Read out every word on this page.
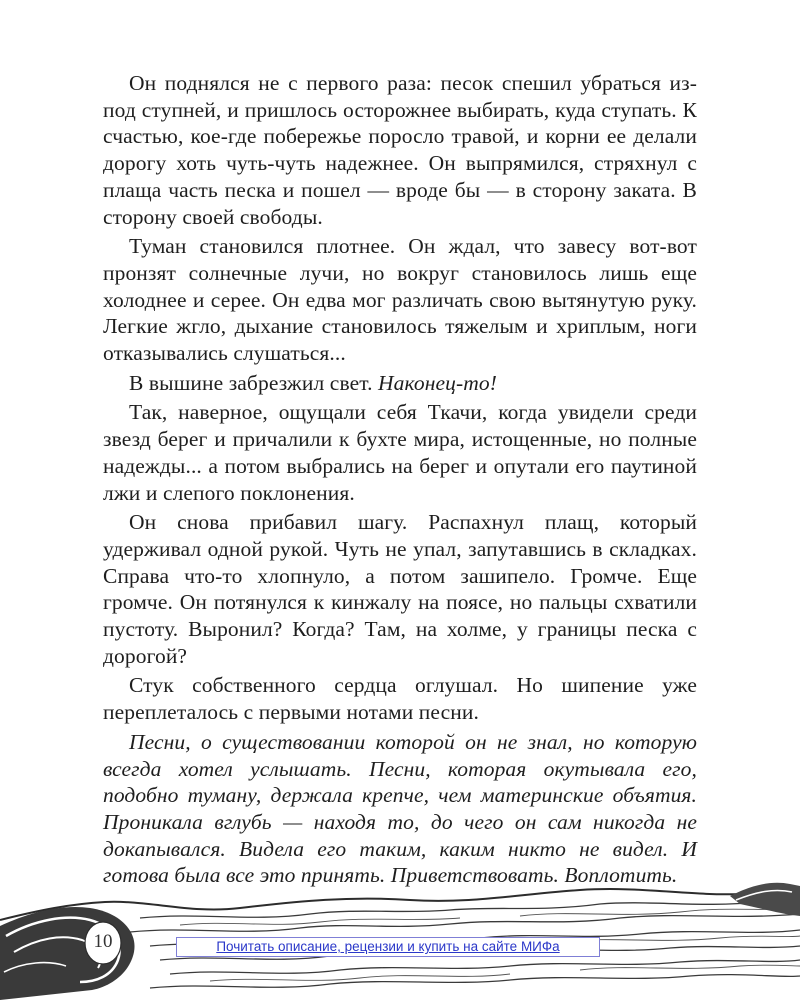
Он поднялся не с первого раза: песок спешил убраться из-под ступней, и пришлось осторожнее выбирать, куда ступать. К счастью, кое-где побережье поросло травой, и корни ее делали дорогу хоть чуть-чуть надежнее. Он выпрямился, стряхнул с плаща часть песка и пошел — вроде бы — в сторону заката. В сторону своей свободы.

Туман становился плотнее. Он ждал, что завесу вот-вот пронзят солнечные лучи, но вокруг становилось лишь еще холоднее и серее. Он едва мог различать свою вытянутую руку. Легкие жгло, дыхание становилось тяжелым и хриплым, ноги отказывались слушаться...

В вышине забрезжил свет. Наконец-то!

Так, наверное, ощущали себя Ткачи, когда увидели среди звезд берег и причалили к бухте мира, истощенные, но полные надежды... а потом выбрались на берег и опутали его паутиной лжи и слепого поклонения.

Он снова прибавил шагу. Распахнул плащ, который удерживал одной рукой. Чуть не упал, запутавшись в складках. Справа что-то хлопнуло, а потом зашипело. Громче. Еще громче. Он потянулся к кинжалу на поясе, но пальцы схватили пустоту. Выронил? Когда? Там, на холме, у границы песка с дорогой?

Стук собственного сердца оглушал. Но шипение уже переплеталось с первыми нотами песни.

Песни, о существовании которой он не знал, но которую всегда хотел услышать. Песни, которая окутывала его, подобно туману, держала крепче, чем материнские объятия. Проникала вглубь — находя то, до чего он сам никогда не докапывался. Видела его таким, каким никто не видел. И готова была все это принять. Приветствовать. Воплотить.

10	Почитать описание, рецензии и купить на сайте МИФа
